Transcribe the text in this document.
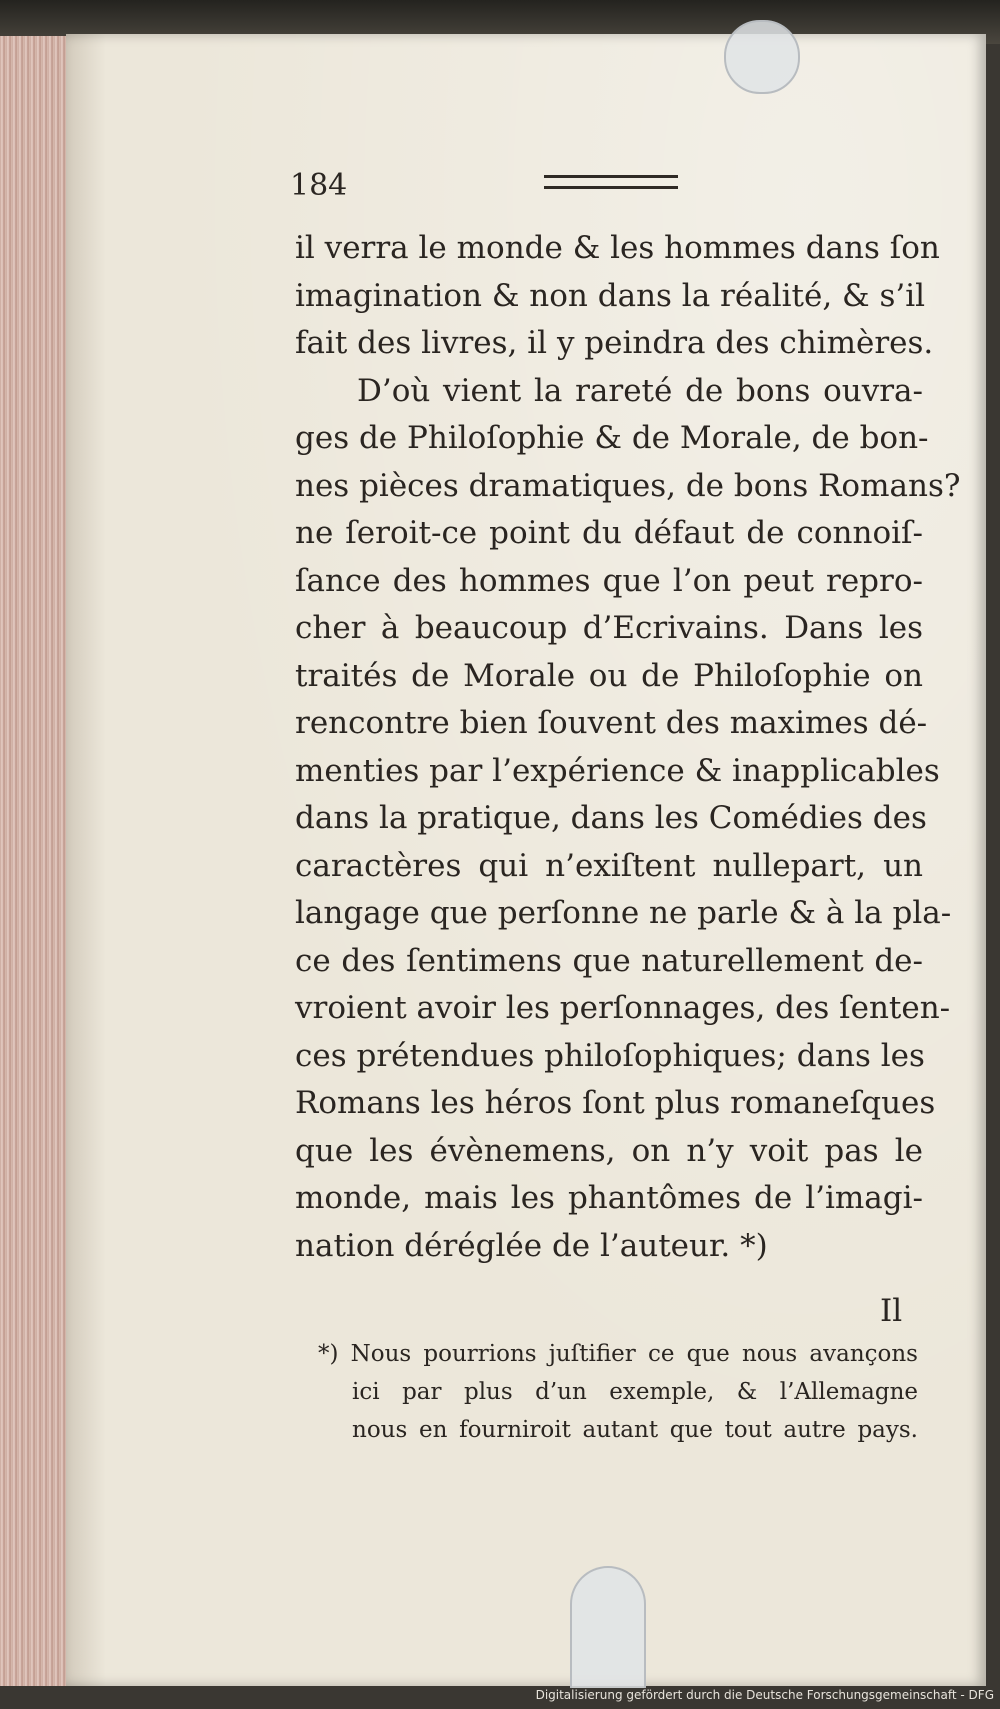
184
il verra le monde & les hommes dans ſon
imagination & non dans la réalité, & s’il
fait des livres, il y peindra des chimères.
D’où vient la rareté de bons ouvra-
ges de Philoſophie & de Morale, de bon-
nes pièces dramatiques, de bons Romans?
ne ſeroit-ce point du défaut de connoiſ-
ſance des hommes que l’on peut repro-
cher à beaucoup d’Ecrivains. Dans les
traités de Morale ou de Philoſophie on
rencontre bien ſouvent des maximes dé-
menties par l’expérience & inapplicables
dans la pratique, dans les Comédies des
caractères qui n’exiſtent nullepart, un
langage que perſonne ne parle & à la pla-
ce des ſentimens que naturellement de-
vroient avoir les perſonnages, des ſenten-
ces prétendues philoſophiques; dans les
Romans les héros ſont plus romaneſques
que les évènemens, on n’y voit pas le
monde, mais les phantômes de l’imagi-
nation déréglée de l’auteur. *)
Il
*) Nous pourrions juſtifier ce que nous avançons
ici par plus d’un exemple, & l’Allemagne
nous en fourniroit autant que tout autre pays.
Digitalisierung gefördert durch die Deutsche Forschungsgemeinschaft - DFG
